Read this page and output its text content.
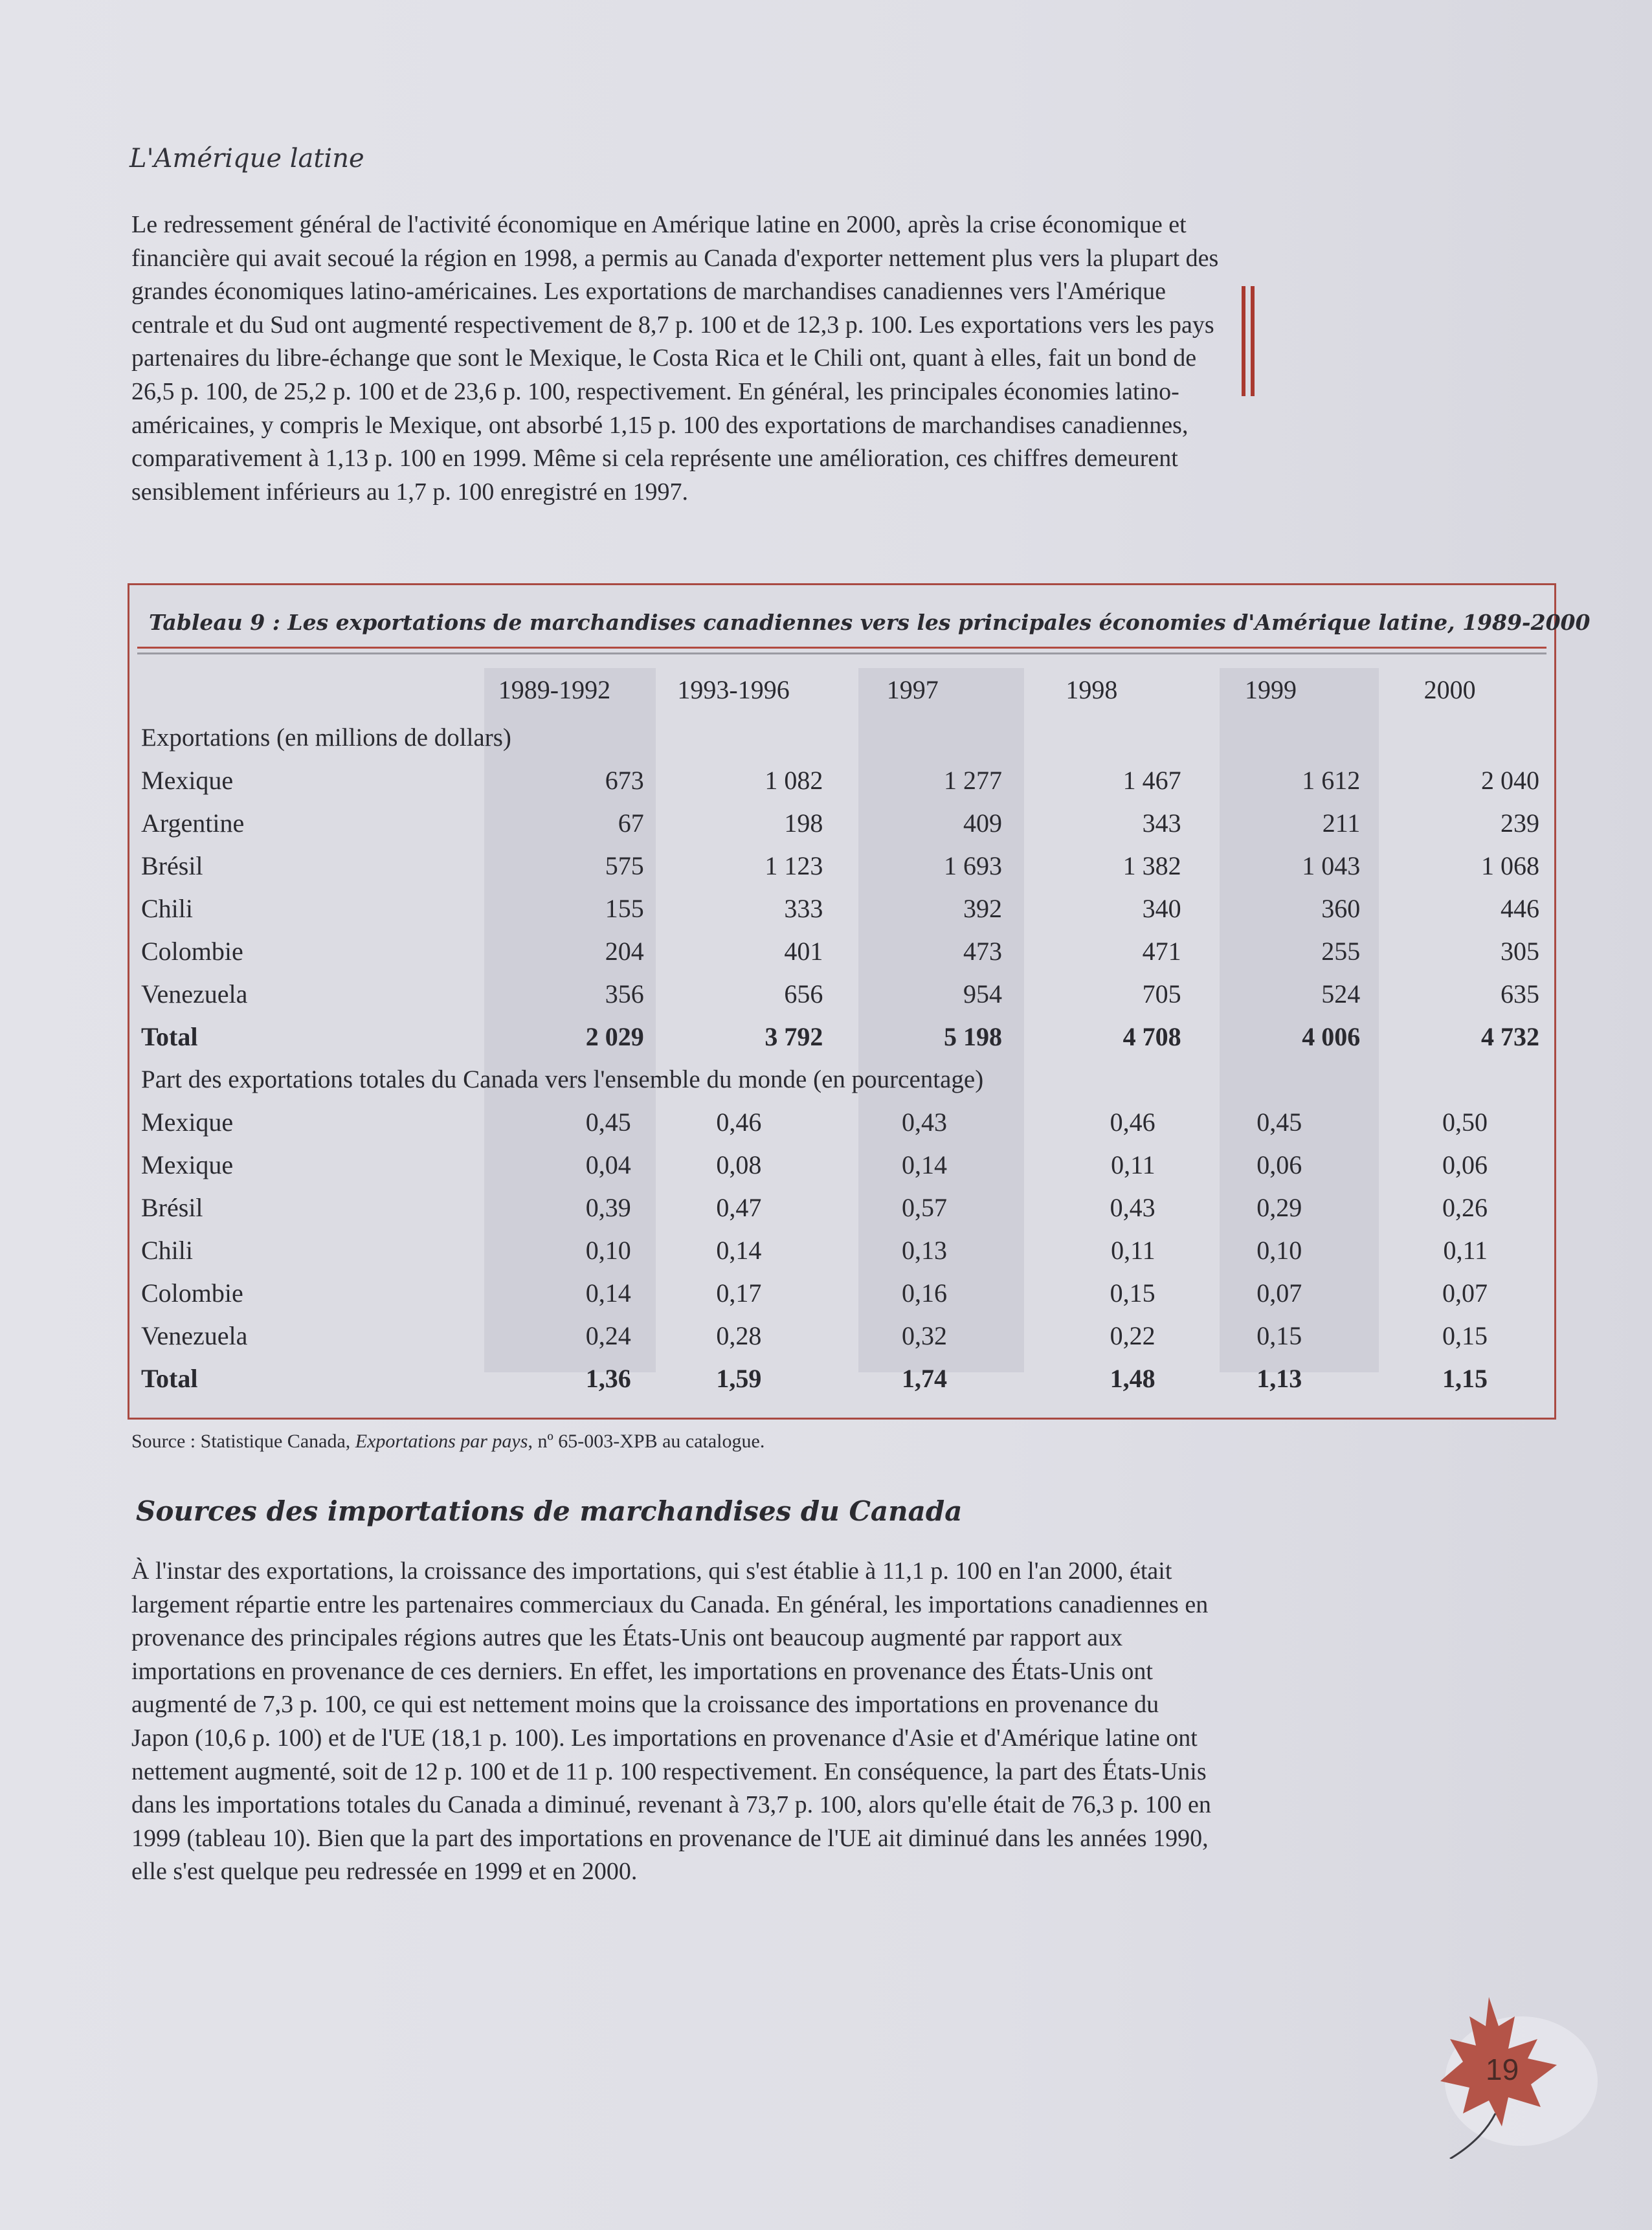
L'Amérique latine

Le redressement général de l'activité économique en Amérique latine en 2000, après la crise économique et financière qui avait secoué la région en 1998, a permis au Canada d'exporter nettement plus vers la plupart des grandes économiques latino-américaines. Les exportations de marchandises canadiennes vers l'Amérique centrale et du Sud ont augmenté respectivement de 8,7 p. 100 et de 12,3 p. 100. Les exportations vers les pays partenaires du libre-échange que sont le Mexique, le Costa Rica et le Chili ont, quant à elles, fait un bond de 26,5 p. 100, de 25,2 p. 100 et de 23,6 p. 100, respectivement. En général, les principales économies latino-américaines, y compris le Mexique, ont absorbé 1,15 p. 100 des exportations de marchandises canadiennes, comparativement à 1,13 p. 100 en 1999. Même si cela représente une amélioration, ces chiffres demeurent sensiblement inférieurs au 1,7 p. 100 enregistré en 1997.

Tableau 9 : Les exportations de marchandises canadiennes vers les principales économies d'Amérique latine, 1989-2000

	1989-1992	1993-1996	1997	1998	1999	2000
Exportations (en millions de dollars)						
Mexique	673	1 082	1 277	1 467	1 612	2 040
Argentine	67	198	409	343	211	239
Brésil	575	1 123	1 693	1 382	1 043	1 068
Chili	155	333	392	340	360	446
Colombie	204	401	473	471	255	305
Venezuela	356	656	954	705	524	635
Total	2 029	3 792	5 198	4 708	4 006	4 732
Part des exportations totales du Canada vers l'ensemble du monde (en pourcentage)						
Mexique	0,45	0,46	0,43	0,46	0,45	0,50
Mexique	0,04	0,08	0,14	0,11	0,06	0,06
Brésil	0,39	0,47	0,57	0,43	0,29	0,26
Chili	0,10	0,14	0,13	0,11	0,10	0,11
Colombie	0,14	0,17	0,16	0,15	0,07	0,07
Venezuela	0,24	0,28	0,32	0,22	0,15	0,15
Total	1,36	1,59	1,74	1,48	1,13	1,15

Source : Statistique Canada, Exportations par pays, nº 65-003-XPB au catalogue.

Sources des importations de marchandises du Canada

À l'instar des exportations, la croissance des importations, qui s'est établie à 11,1 p. 100 en l'an 2000, était largement répartie entre les partenaires commerciaux du Canada. En général, les importations canadiennes en provenance des principales régions autres que les États-Unis ont beaucoup augmenté par rapport aux importations en provenance de ces derniers. En effet, les importations en provenance des États-Unis ont augmenté de 7,3 p. 100, ce qui est nettement moins que la croissance des importations en provenance du Japon (10,6 p. 100) et de l'UE (18,1 p. 100). Les importations en provenance d'Asie et d'Amérique latine ont nettement augmenté, soit de 12 p. 100 et de 11 p. 100 respectivement. En conséquence, la part des États-Unis dans les importations totales du Canada a diminué, revenant à 73,7 p. 100, alors qu'elle était de 76,3 p. 100 en 1999 (tableau 10). Bien que la part des importations en provenance de l'UE ait diminué dans les années 1990, elle s'est quelque peu redressée en 1999 et en 2000.

19
